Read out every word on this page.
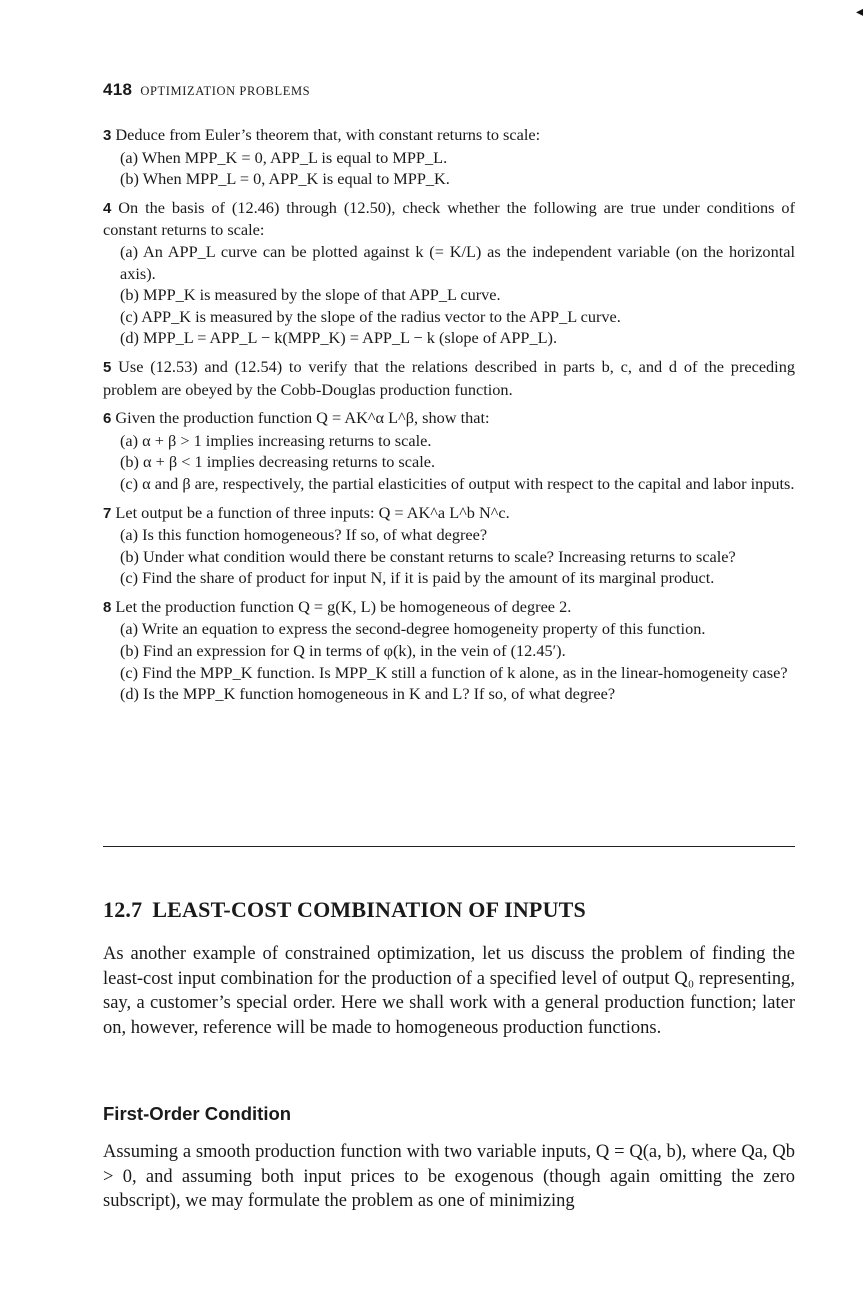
◂
418 OPTIMIZATION PROBLEMS
3 Deduce from Euler’s theorem that, with constant returns to scale:
(a) When MPP_K = 0, APP_L is equal to MPP_L.
(b) When MPP_L = 0, APP_K is equal to MPP_K.
4 On the basis of (12.46) through (12.50), check whether the following are true under conditions of constant returns to scale:
(a) An APP_L curve can be plotted against k (= K/L) as the independent variable (on the horizontal axis).
(b) MPP_K is measured by the slope of that APP_L curve.
(c) APP_K is measured by the slope of the radius vector to the APP_L curve.
(d) MPP_L = APP_L − k(MPP_K) = APP_L − k (slope of APP_L).
5 Use (12.53) and (12.54) to verify that the relations described in parts b, c, and d of the preceding problem are obeyed by the Cobb-Douglas production function.
6 Given the production function Q = AK^α L^β, show that:
(a) α + β > 1 implies increasing returns to scale.
(b) α + β < 1 implies decreasing returns to scale.
(c) α and β are, respectively, the partial elasticities of output with respect to the capital and labor inputs.
7 Let output be a function of three inputs: Q = AK^a L^b N^c.
(a) Is this function homogeneous? If so, of what degree?
(b) Under what condition would there be constant returns to scale? Increasing returns to scale?
(c) Find the share of product for input N, if it is paid by the amount of its marginal product.
8 Let the production function Q = g(K, L) be homogeneous of degree 2.
(a) Write an equation to express the second-degree homogeneity property of this function.
(b) Find an expression for Q in terms of φ(k), in the vein of (12.45′).
(c) Find the MPP_K function. Is MPP_K still a function of k alone, as in the linear-homogeneity case?
(d) Is the MPP_K function homogeneous in K and L? If so, of what degree?
12.7 LEAST-COST COMBINATION OF INPUTS
As another example of constrained optimization, let us discuss the problem of finding the least-cost input combination for the production of a specified level of output Q₀ representing, say, a customer’s special order. Here we shall work with a general production function; later on, however, reference will be made to homogeneous production functions.
First-Order Condition
Assuming a smooth production function with two variable inputs, Q = Q(a, b), where Qa, Qb > 0, and assuming both input prices to be exogenous (though again omitting the zero subscript), we may formulate the problem as one of minimizing
